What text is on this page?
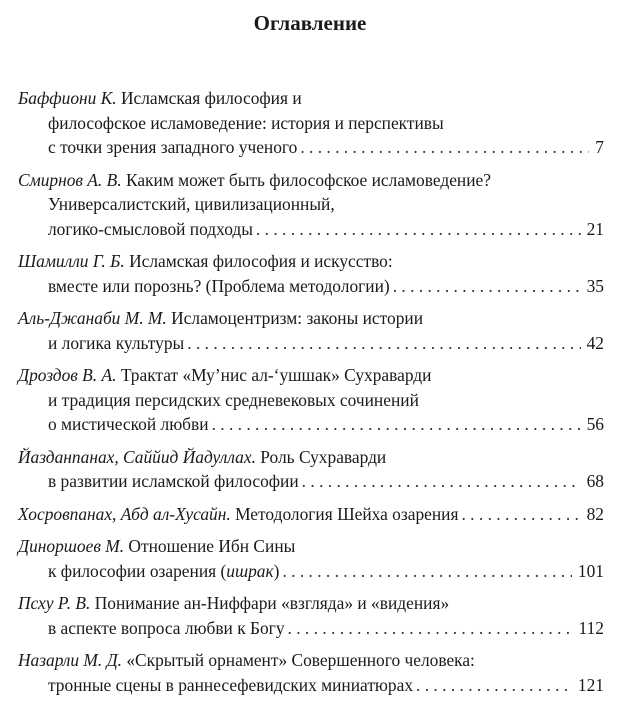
Оглавление
Баффиони К. Исламская философия и
философское исламоведение: история и перспективы
с точки зрения западного ученого . . .	7
Смирнов А. В. Каким может быть философское исламоведение?
Универсалистский, цивилизационный,
логико-смысловой подходы . . .	21
Шамилли Г. Б. Исламская философия и искусство:
вместе или порознь? (Проблема методологии) . . .	35
Аль-Джанаби М. М. Исламоцентризм: законы истории
и логика культуры . . .	42
Дроздов В. А. Трактат «Му’нис ал-‘ушшак» Сухраварди
и традиция персидских средневековых сочинений
о мистической любви . . .	56
Йазданпанах, Саййид Йадуллах. Роль Сухраварди
в развитии исламской философии . . .	68
Хосровпанах, Абд ал-Хусайн. Методология Шейха озарения . . .	82
Диноршоев М. Отношение Ибн Сины
к философии озарения (ишрак) . . .	101
Псху Р. В. Понимание ан-Ниффари «взгляда» и «видения»
в аспекте вопроса любви к Богу . . .	112
Назарли М. Д. «Скрытый орнамент» Совершенного человека:
тронные сцены в раннесефевидских миниатюрах . . .	121
